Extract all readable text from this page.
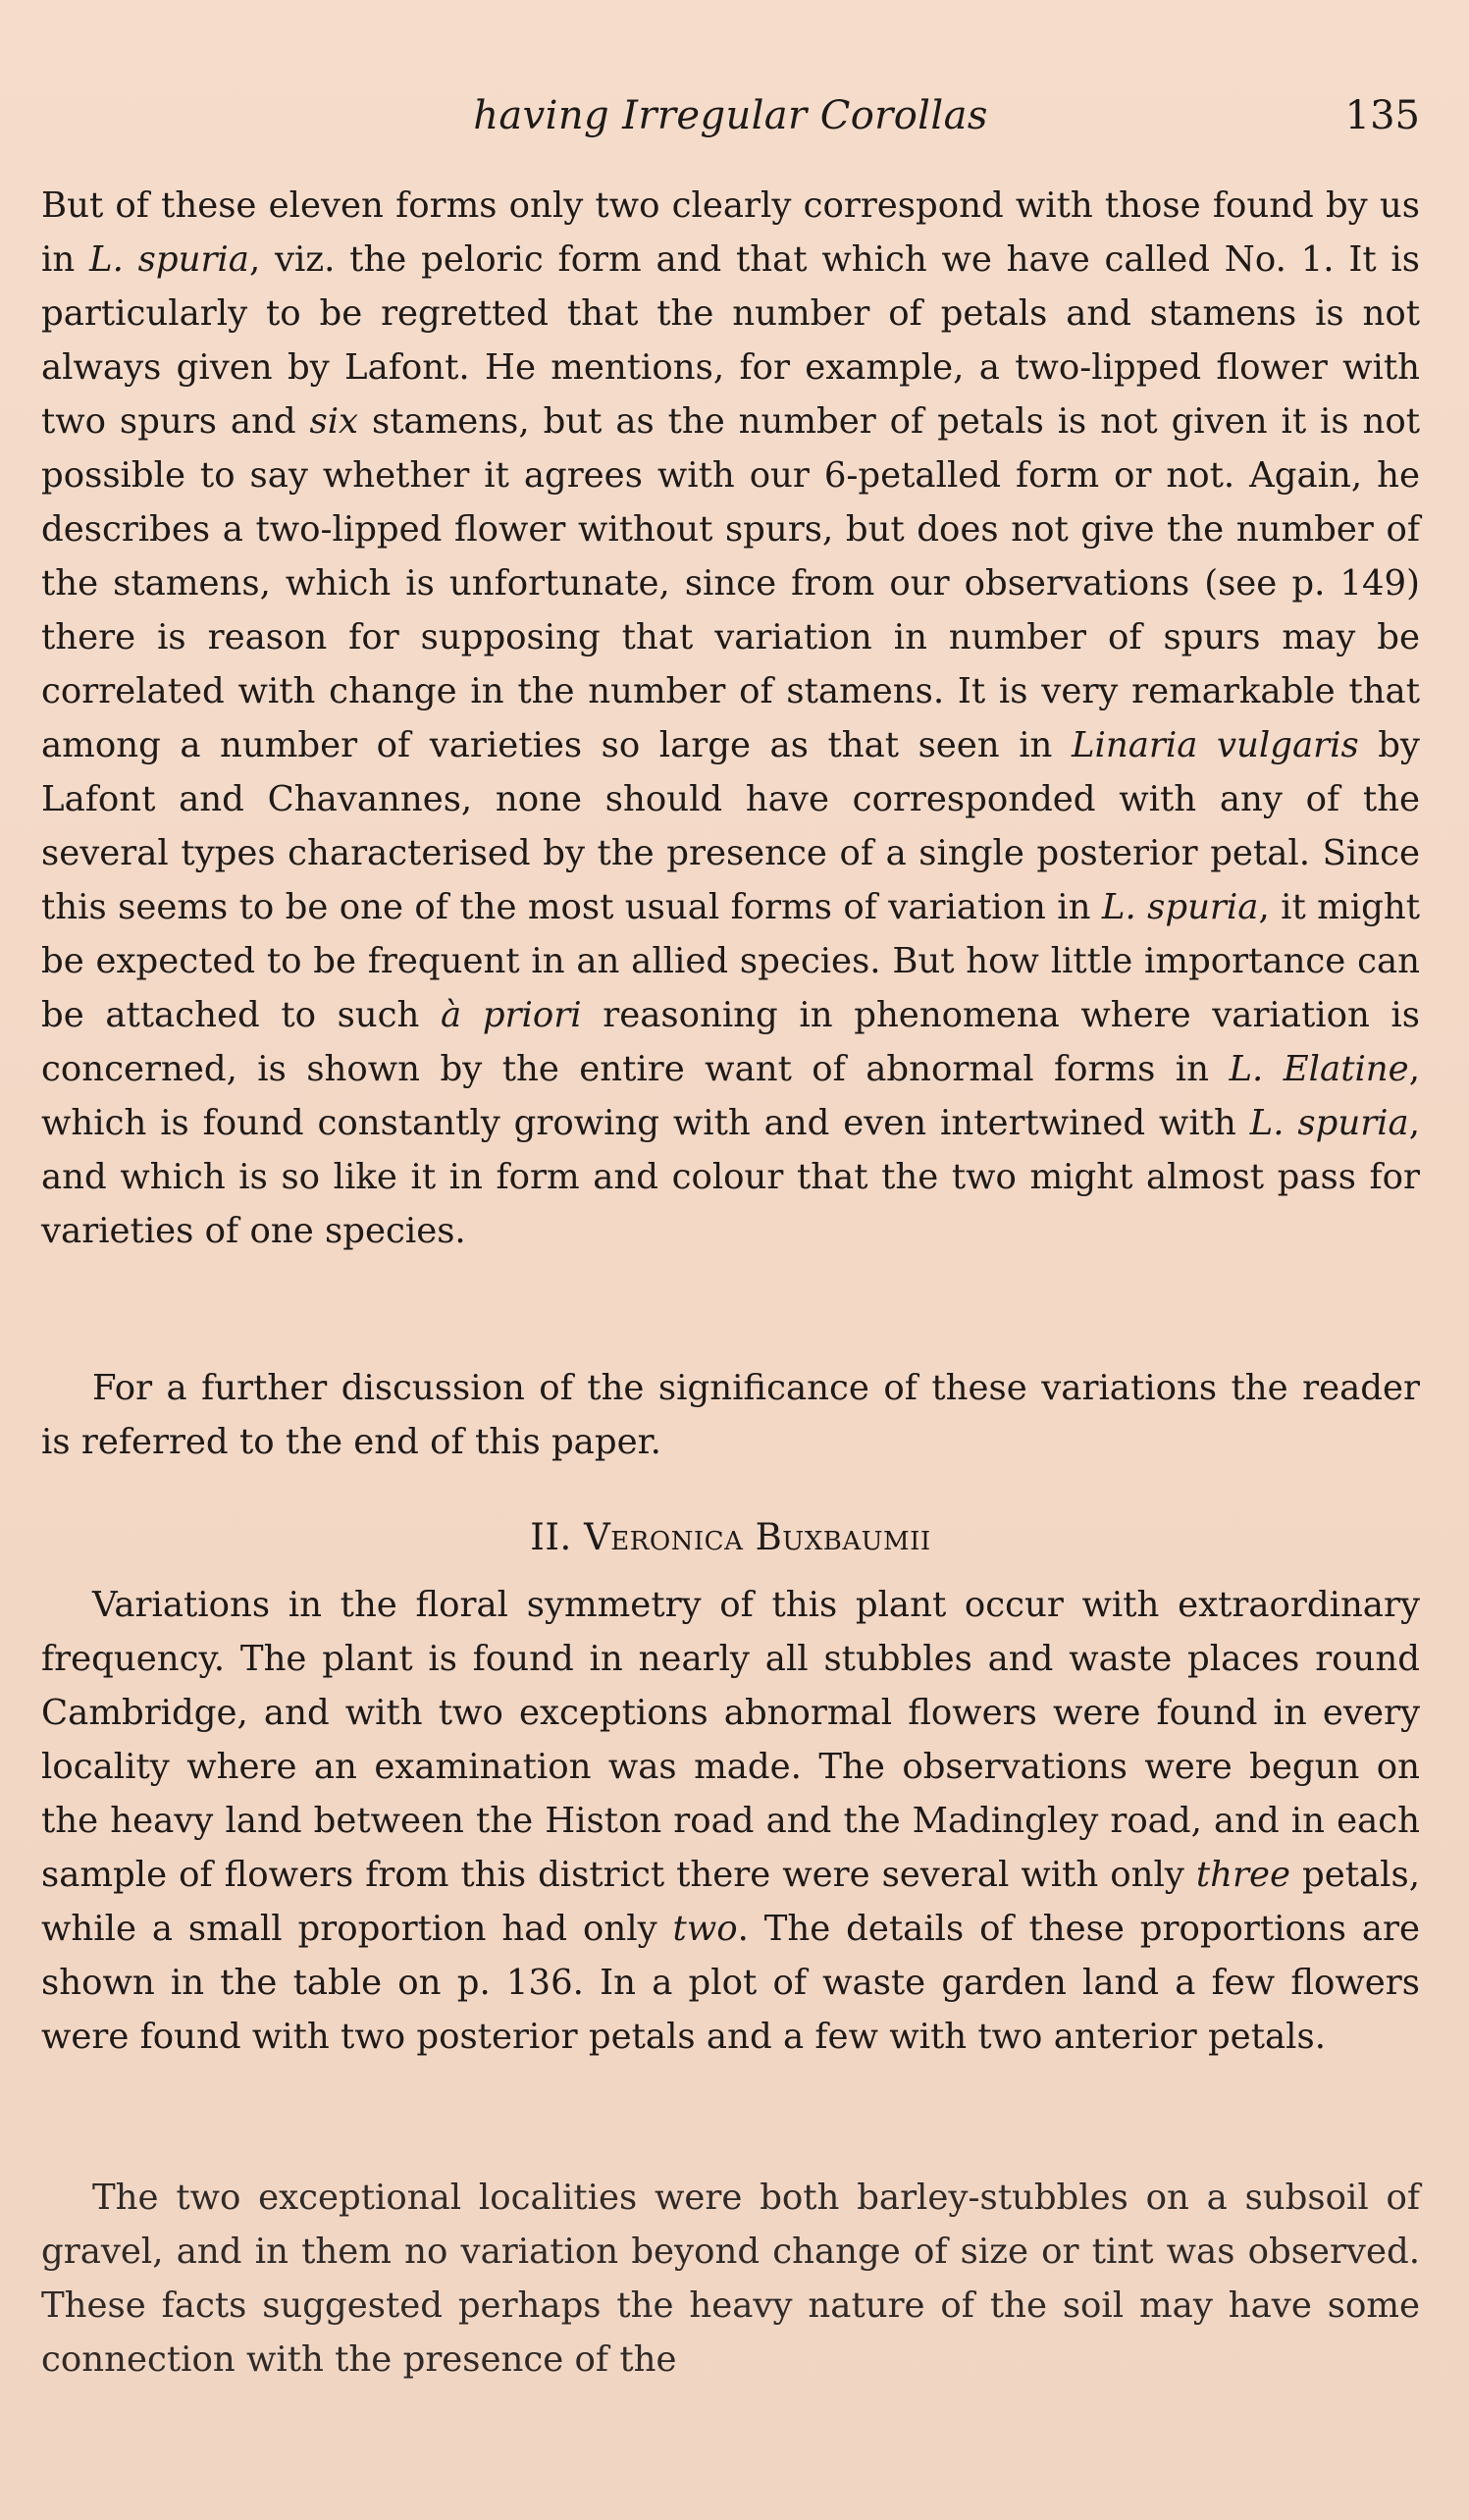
having Irregular Corollas	135

But of these eleven forms only two clearly correspond with those found by us in L. spuria, viz. the peloric form and that which we have called No. 1. It is particularly to be regretted that the number of petals and stamens is not always given by Lafont. He mentions, for example, a two-lipped flower with two spurs and six stamens, but as the number of petals is not given it is not possible to say whether it agrees with our 6-petalled form or not. Again, he describes a two-lipped flower without spurs, but does not give the number of the stamens, which is unfortunate, since from our observations (see p. 149) there is reason for supposing that variation in number of spurs may be correlated with change in the number of stamens. It is very remarkable that among a number of varieties so large as that seen in Linaria vulgaris by Lafont and Chavannes, none should have corresponded with any of the several types characterised by the presence of a single posterior petal. Since this seems to be one of the most usual forms of variation in L. spuria, it might be expected to be frequent in an allied species. But how little importance can be attached to such à priori reasoning in phenomena where variation is concerned, is shown by the entire want of abnormal forms in L. Elatine, which is found constantly growing with and even intertwined with L. spuria, and which is so like it in form and colour that the two might almost pass for varieties of one species.

For a further discussion of the significance of these variations the reader is referred to the end of this paper.

II. Veronica Buxbaumii

Variations in the floral symmetry of this plant occur with extraordinary frequency. The plant is found in nearly all stubbles and waste places round Cambridge, and with two exceptions abnormal flowers were found in every locality where an examination was made. The observations were begun on the heavy land between the Histon road and the Madingley road, and in each sample of flowers from this district there were several with only three petals, while a small proportion had only two. The details of these proportions are shown in the table on p. 136. In a plot of waste garden land a few flowers were found with two posterior petals and a few with two anterior petals.

The two exceptional localities were both barley-stubbles on a subsoil of gravel, and in them no variation beyond change of size or tint was observed. These facts suggested perhaps the heavy nature of the soil may have some connection with the presence of the
